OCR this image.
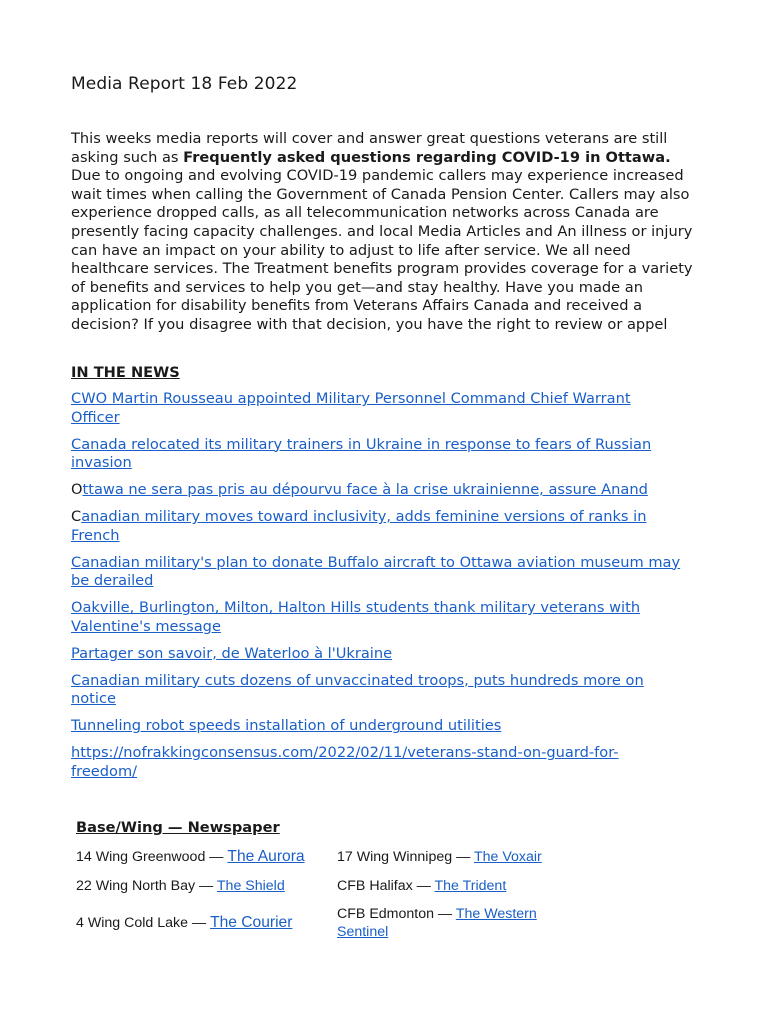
Media Report 18 Feb 2022

This weeks media reports will cover and answer great questions veterans are still asking such as Frequently asked questions regarding COVID-19 in Ottawa. Due to ongoing and evolving COVID-19 pandemic callers may experience increased wait times when calling the Government of Canada Pension Center. Callers may also experience dropped calls, as all telecommunication networks across Canada are presently facing capacity challenges. and local Media Articles and An illness or injury can have an impact on your ability to adjust to life after service. We all need healthcare services. The Treatment benefits program provides coverage for a variety of benefits and services to help you get—and stay healthy. Have you made an application for disability benefits from Veterans Affairs Canada and received a decision? If you disagree with that decision, you have the right to review or appel

IN THE NEWS
CWO Martin Rousseau appointed Military Personnel Command Chief Warrant Officer
Canada relocated its military trainers in Ukraine in response to fears of Russian invasion
Ottawa ne sera pas pris au dépourvu face à la crise ukrainienne, assure Anand
Canadian military moves toward inclusivity, adds feminine versions of ranks in French
Canadian military's plan to donate Buffalo aircraft to Ottawa aviation museum may be derailed
Oakville, Burlington, Milton, Halton Hills students thank military veterans with Valentine's message
Partager son savoir, de Waterloo à l'Ukraine
Canadian military cuts dozens of unvaccinated troops, puts hundreds more on notice
Tunneling robot speeds installation of underground utilities
https://nofrakkingconsensus.com/2022/02/11/veterans-stand-on-guard-for-freedom/
Base/Wing — Newspaper
14 Wing Greenwood — The Aurora	17 Wing Winnipeg — The Voxair
22 Wing North Bay — The Shield	CFB Halifax — The Trident
4 Wing Cold Lake — The Courier	CFB Edmonton — The Western Sentinel
